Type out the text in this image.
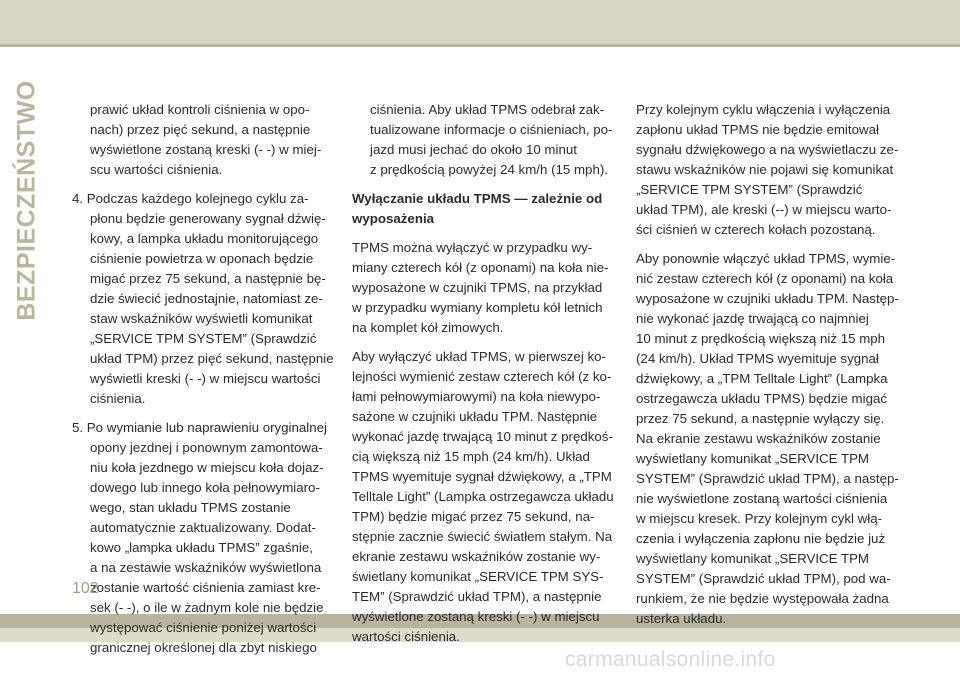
BEZPIECZEŃSTWO	prawić układ kontroli ciśnienia w opo-
nach) przez pięć sekund, a następnie
wyświetlone zostaną kreski (- -) w miej-
scu wartości ciśnienia.
4. Podczas każdego kolejnego cyklu za-
płonu będzie generowany sygnał dźwię-
kowy, a lampka układu monitorującego
ciśnienie powietrza w oponach będzie
migać przez 75 sekund, a następnie bę-
dzie świecić jednostajnie, natomiast ze-
staw wskaźników wyświetli komunikat
„SERVICE TPM SYSTEM” (Sprawdzić
układ TPM) przez pięć sekund, następnie
wyświetli kreski (- -) w miejscu wartości
ciśnienia.
5. Po wymianie lub naprawieniu oryginalnej
opony jezdnej i ponownym zamontowa-
niu koła jezdnego w miejscu koła dojaz-
dowego lub innego koła pełnowymiaro-
wego, stan układu TPMS zostanie
automatycznie zaktualizowany. Dodat-
kowo „lampka układu TPMS” zgaśnie,
a na zestawie wskaźników wyświetlona
zostanie wartość ciśnienia zamiast kre-
sek (- -), o ile w żadnym kole nie będzie
występować ciśnienie poniżej wartości
granicznej określonej dla zbyt niskiego
ciśnienia. Aby układ TPMS odebrał zak-
tualizowane informacje o ciśnieniach, po-
jazd musi jechać do około 10 minut
z prędkością powyżej 24 km/h (15 mph).
Wyłączanie układu TPMS — zależnie od
wyposażenia
TPMS można wyłączyć w przypadku wy-
miany czterech kół (z oponami) na koła nie-
wyposażone w czujniki TPMS, na przykład
w przypadku wymiany kompletu kół letnich
na komplet kół zimowych.
Aby wyłączyć układ TPMS, w pierwszej ko-
lejności wymienić zestaw czterech kół (z ko-
łami pełnowymiarowymi) na koła niewypo-
sażone w czujniki układu TPM. Następnie
wykonać jazdę trwającą 10 minut z prędkoś-
cią większą niż 15 mph (24 km/h). Układ
TPMS wyemituje sygnał dźwiękowy, a „TPM
Telltale Light” (Lampka ostrzegawcza układu
TPM) będzie migać przez 75 sekund, na-
stępnie zacznie świecić światłem stałym. Na
ekranie zestawu wskaźników zostanie wy-
świetlany komunikat „SERVICE TPM SYS-
TEM” (Sprawdzić układ TPM), a następnie
wyświetlone zostaną kreski (- -) w miejscu
wartości ciśnienia.
Przy kolejnym cyklu włączenia i wyłączenia
zapłonu układ TPMS nie będzie emitował
sygnału dźwiękowego a na wyświetlaczu ze-
stawu wskaźników nie pojawi się komunikat
„SERVICE TPM SYSTEM” (Sprawdzić
układ TPM), ale kreski (--) w miejscu warto-
ści ciśnień w czterech kołach pozostaną.
Aby ponownie włączyć układ TPMS, wymie-
nić zestaw czterech kół (z oponami) na koła
wyposażone w czujniki układu TPM. Następ-
nie wykonać jazdę trwającą co najmniej
10 minut z prędkością większą niż 15 mph
(24 km/h). Układ TPMS wyemituje sygnał
dźwiękowy, a „TPM Telltale Light” (Lampka
ostrzegawcza układu TPMS) będzie migać
przez 75 sekund, a następnie wyłączy się.
Na ekranie zestawu wskaźników zostanie
wyświetlany komunikat „SERVICE TPM
SYSTEM” (Sprawdzić układ TPM), a następ-
nie wyświetlone zostaną wartości ciśnienia
w miejscu kresek. Przy kolejnym cykl włą-
czenia i wyłączenia zapłonu nie będzie już
wyświetlany komunikat „SERVICE TPM
SYSTEM” (Sprawdzić układ TPM), pod wa-
runkiem, że nie będzie występowała żadna
usterka układu.
102
carmanualsonline.info
